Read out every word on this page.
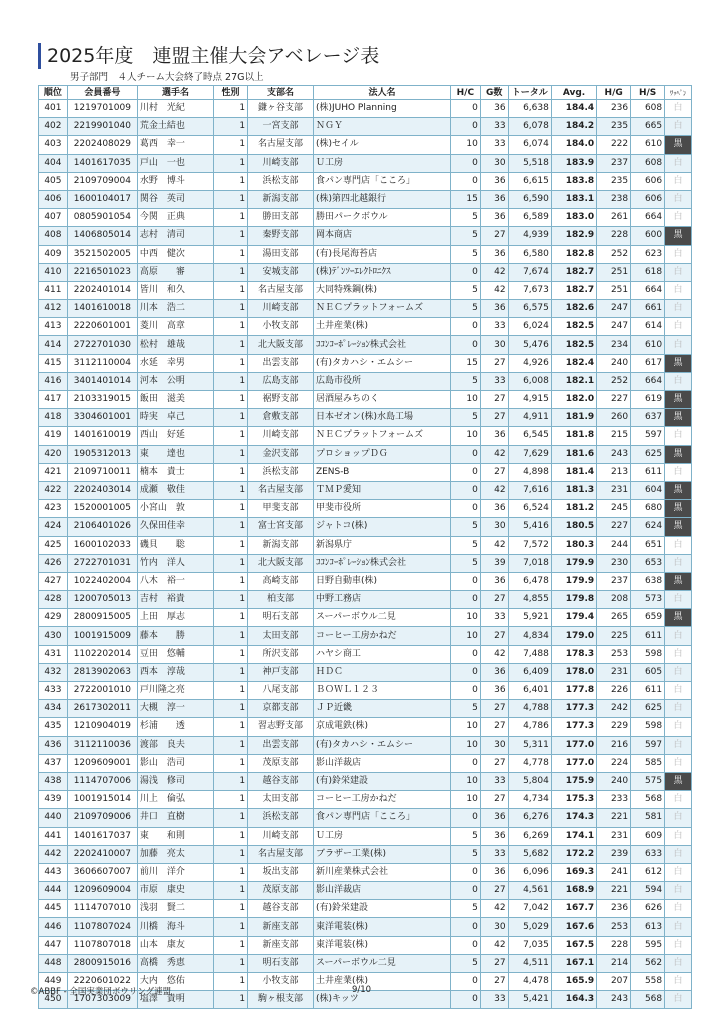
2025年度　連盟主催大会アベレージ表
男子部門　４人チーム大会終了時点 27G以上
順位	会員番号	選手名	性別	支部名	法人名	H/C	G数	トータル	Avg.	H/G	H/S	ﾜｯﾍﾟﾝ
401	1219701009	川村　光紀	1	鎌ヶ谷支部	(株)JUHO Planning	0	36	6,638	184.4	236	608	白
402	2219901040	荒金土結也	1	一宮支部	ＮＧＹ	0	33	6,078	184.2	235	665	白
403	2202408029	葛西　幸一	1	名古屋支部	(株)セイル	10	33	6,074	184.0	222	610	黒
404	1401617035	戸山　一也	1	川崎支部	Ｕ工房	0	30	5,518	183.9	237	608	白
405	2109709004	水野　博斗	1	浜松支部	食パン専門店「こころ」	0	36	6,615	183.8	235	606	白
406	1600104017	関谷　英司	1	新潟支部	(株)第四北越銀行	15	36	6,590	183.1	238	606	白
407	0805901054	今関　正典	1	勝田支部	勝田パークボウル	5	36	6,589	183.0	261	664	白
408	1406805014	志村　清司	1	秦野支部	岡本商店	5	27	4,939	182.9	228	600	黒
409	3521502005	中西　健次	1	湯田支部	(有)長尾海苔店	5	36	6,580	182.8	252	623	白
410	2216501023	高原　　審	1	安城支部	(株)ﾃﾞﾝｿｰｴﾚｸﾄﾛﾆｸｽ	0	42	7,674	182.7	251	618	白
411	2202401014	皆川　和久	1	名古屋支部	大同特殊鋼(株)	5	42	7,673	182.7	251	664	白
412	1401610018	川本　浩二	1	川崎支部	ＮＥＣプラットフォームズ	5	36	6,575	182.6	247	661	白
413	2220601001	菱川　高章	1	小牧支部	土井産業(株)	0	33	6,024	182.5	247	614	白
414	2722701030	松村　雄哉	1	北大阪支部	ｺｺﾝｺｰﾎﾟﾚｰｼｮﾝ株式会社	0	30	5,476	182.5	234	610	白
415	3112110004	水延　幸男	1	出雲支部	(有)タカハシ・エムシー	15	27	4,926	182.4	240	617	黒
416	3401401014	河本　公明	1	広島支部	広島市役所	5	33	6,008	182.1	252	664	白
417	2103319015	飯田　滋美	1	裾野支部	居酒屋みちのく	10	27	4,915	182.0	227	619	黒
418	3304601001	時実　卓己	1	倉敷支部	日本ゼオン(株)水島工場	5	27	4,911	181.9	260	637	黒
419	1401610019	西山　好延	1	川崎支部	ＮＥＣプラットフォームズ	10	36	6,545	181.8	215	597	白
420	1905312013	東　　達也	1	金沢支部	プロショップＤＧ	0	42	7,629	181.6	243	625	黒
421	2109710011	楠本　貴士	1	浜松支部	ZENS-B	0	27	4,898	181.4	213	611	白
422	2202403014	成瀬　敬佳	1	名古屋支部	ＴＭＰ愛知	0	42	7,616	181.3	231	604	黒
423	1520001005	小宮山　敦	1	甲斐支部	甲斐市役所	0	36	6,524	181.2	245	680	黒
424	2106401026	久保田佳幸	1	富士宮支部	ジャトコ(株)	5	30	5,416	180.5	227	624	黒
425	1600102033	磯貝　　聡	1	新潟支部	新潟県庁	5	42	7,572	180.3	244	651	白
426	2722701031	竹内　洋人	1	北大阪支部	ｺｺﾝｺｰﾎﾟﾚｰｼｮﾝ株式会社	5	39	7,018	179.9	230	653	白
427	1022402004	八木　裕一	1	高崎支部	日野自動車(株)	0	36	6,478	179.9	237	638	黒
428	1200705013	吉村　裕貴	1	柏支部	中野工務店	0	27	4,855	179.8	208	573	白
429	2800915005	上田　厚志	1	明石支部	スーパーボウル二見	10	33	5,921	179.4	265	659	黒
430	1001915009	藤本　　勝	1	太田支部	コーヒー工房かねだ	10	27	4,834	179.0	225	611	白
431	1102202014	豆田　悠輔	1	所沢支部	ハヤシ商工	0	42	7,488	178.3	253	598	白
432	2813902063	西本　淳哉	1	神戸支部	ＨＤＣ	0	36	6,409	178.0	231	605	白
433	2722001010	戸川隆之亮	1	八尾支部	ＢＯＷＬ１２３	0	36	6,401	177.8	226	611	白
434	2617302011	大槻　淳一	1	京都支部	ＪＰ近畿	5	27	4,788	177.3	242	625	白
435	1210904019	杉浦　　透	1	習志野支部	京成電鉄(株)	10	27	4,786	177.3	229	598	白
436	3112110036	渡部　良夫	1	出雲支部	(有)タカハシ・エムシー	10	30	5,311	177.0	216	597	白
437	1209609001	影山　浩司	1	茂原支部	影山洋裁店	0	27	4,778	177.0	224	585	白
438	1114707006	湯浅　修司	1	越谷支部	(有)鈴栄建設	10	33	5,804	175.9	240	575	黒
439	1001915014	川上　倫弘	1	太田支部	コーヒー工房かねだ	10	27	4,734	175.3	233	568	白
440	2109709006	井口　直樹	1	浜松支部	食パン専門店「こころ」	0	36	6,276	174.3	221	581	白
441	1401617037	東　　和則	1	川崎支部	Ｕ工房	5	36	6,269	174.1	231	609	白
442	2202410007	加藤　亮太	1	名古屋支部	ブラザー工業(株)	5	33	5,682	172.2	239	633	白
443	3606607007	前川　洋介	1	坂出支部	新川産業株式会社	0	36	6,096	169.3	241	612	白
444	1209609004	市原　康史	1	茂原支部	影山洋裁店	0	27	4,561	168.9	221	594	白
445	1114707010	浅羽　賢二	1	越谷支部	(有)鈴栄建設	5	42	7,042	167.7	236	626	白
446	1107807024	川橋　海斗	1	新座支部	東洋電装(株)	0	30	5,029	167.6	253	613	白
447	1107807018	山本　康友	1	新座支部	東洋電装(株)	0	42	7,035	167.5	228	595	白
448	2800915016	高橋　秀恵	1	明石支部	スーパーボウル二見	5	27	4,511	167.1	214	562	白
449	2220601022	大内　悠佑	1	小牧支部	土井産業(株)	0	27	4,478	165.9	207	558	白
450	1707303009	塩澤　貴明	1	駒ヶ根支部	(株)キッツ	0	33	5,421	164.3	243	568	白
©ABBF - 全国実業団ボウリング連盟	9/10
